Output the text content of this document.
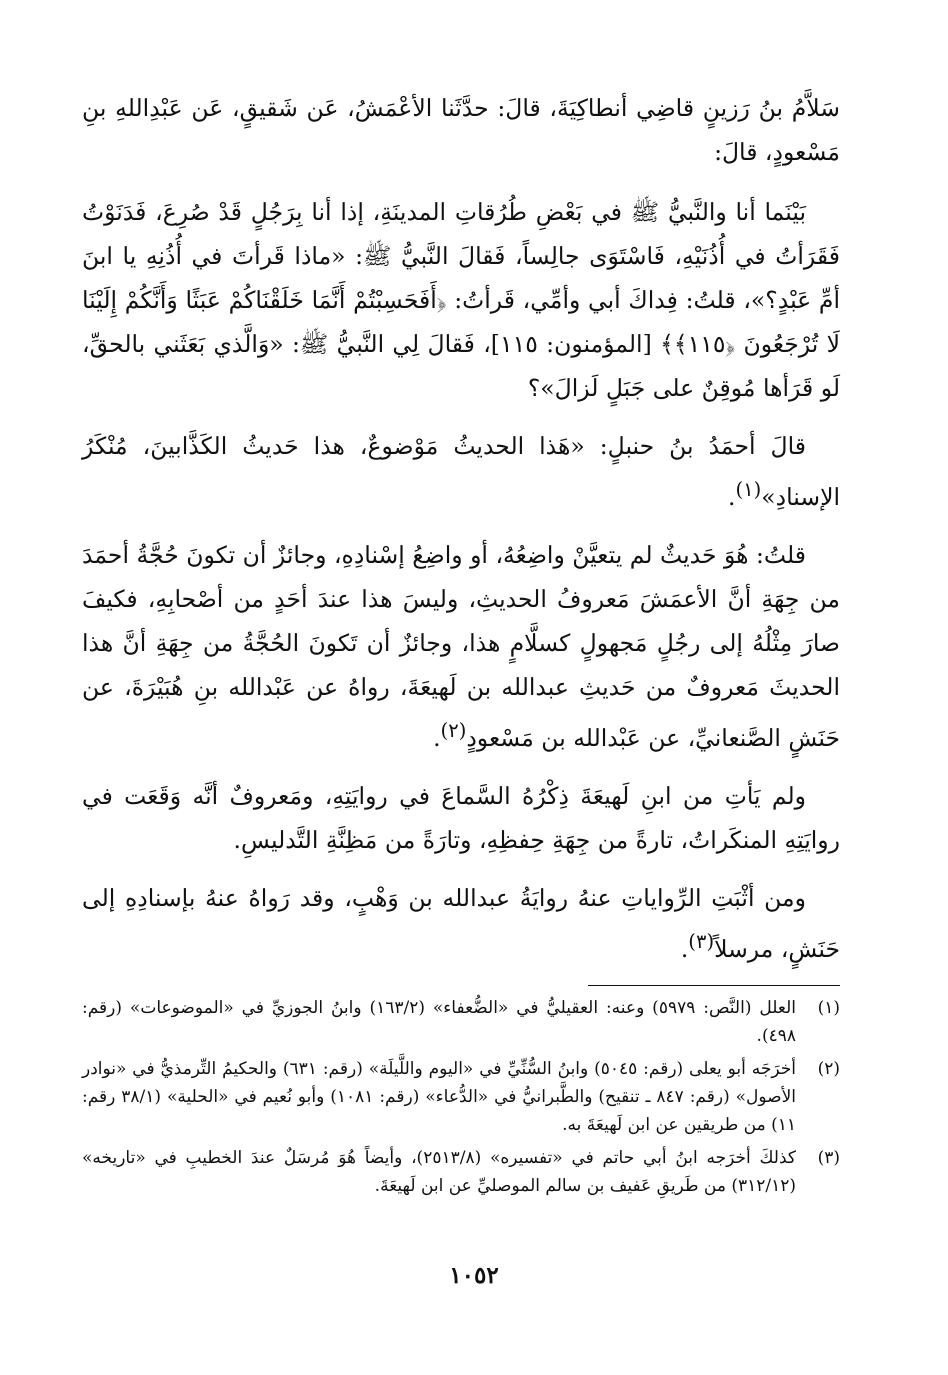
سَلاَّمُ بنُ رَزينٍ قاضِي أنطاكِيَةَ، قالَ: حدَّثَنا الأعْمَشُ، عَن شَقيقٍ، عَن عَبْدِاللهِ بنِ مَسْعودٍ، قالَ:

بَيْنَما أنا والنَّبيُّ ﷺ في بَعْضِ طُرُقاتِ المدينَةِ، إذا أنا بِرَجُلٍ قَدْ صُرِعَ، فَدَنَوْتُ فَقَرَأتُ في أُذُنَيْهِ، فَاسْتَوَى جالِساً، فَقالَ النَّبيُّ ﷺ: «ماذا قَرأتَ في أُذُنِهِ يا ابنَ أمِّ عَبْدٍ؟»، قلتُ: فِداكَ أبي وأمِّي، قَرأتُ: ﴿أَفَحَسِبْتُمْ أَنَّمَا خَلَقْنَاكُمْ عَبَثًا وَأَنَّكُمْ إِلَيْنَا لَا تُرْجَعُونَ ﴿١١٥﴾﴾ [المؤمنون: ١١٥]، فَقالَ لِي النَّبيُّ ﷺ: «وَالَّذي بَعَثَني بالحقِّ، لَو قَرَأها مُوقِنٌ على جَبَلٍ لَزالَ»؟

قالَ أحمَدُ بنُ حنبلٍ: «هَذا الحديثُ مَوْضوعٌ، هذا حَديثُ الكَذَّابينَ، مُنْكَرُ الإسنادِ»$^{(١)}$.

قلتُ: هُوَ حَديثٌ لم يتعيَّنْ واضِعُهُ، أو واضِعُ إسْنادِهِ، وجائزٌ أن تكونَ حُجَّةُ أحمَدَ من جِهَةِ أنَّ الأعمَشَ مَعروفُ الحديثِ، وليسَ هذا عندَ أحَدٍ من أصْحابِهِ، فكيفَ صارَ مِثْلُهُ إلى رجُلٍ مَجهولٍ كسلَّامٍ هذا، وجائزٌ أن تَكونَ الحُجَّةُ من جِهَةِ أنَّ هذا الحديثَ مَعروفٌ من حَديثِ عبدالله بن لَهيعَةَ، رواهُ عن عَبْدالله بنِ هُبَيْرَةَ، عن حَنَشٍ الصَّنعانيِّ، عن عَبْدالله بن مَسْعودٍ$^{(٢)}$.

ولم يَأتِ من ابنِ لَهيعَةَ ذِكْرُهُ السَّماعَ في روايَتِهِ، ومَعروفٌ أنَّه وَقَعَت في روايَتِهِ المنكَراتُ، تارةً من جِهَةِ حِفظِهِ، وتارَةً من مَظِنَّةِ التَّدليسِ.

ومن أثْبَتِ الرِّواياتِ عنهُ روايَةُ عبدالله بن وَهْبٍ، وقد رَواهُ عنهُ بإسنادِهِ إلى حَنَشٍ، مرسلاً$^{(٣)}$.

(١)
العلل (النَّص: ٥٩٧٩) وعنه: العقيليُّ في «الضُّعفاء» (١٦٣/٢) وابنُ الجوزيِّ في «الموضوعات» (رقم: ٤٩٨).
(٢)
أخرَجَه أبو يعلى (رقم: ٥٠٤٥) وابنُ السُّنِّيِّ في «اليوم واللَّيلَة» (رقم: ٦٣١) والحكيمُ التِّرمذيُّ في «نوادر الأصول» (رقم: ٨٤٧ ـ تنقيح) والطَّبرانيُّ في «الدُّعاء» (رقم: ١٠٨١) وأبو نُعيم في «الحلية» (٣٨/١ رقم: ١١) من طريقين عن ابن لَهيعَةَ به.
(٣)
كذلكَ أخرَجه ابنُ أبي حاتم في «تفسيره» (٢٥١٣/٨)، وأيضاً هُوَ مُرسَلٌ عندَ الخطيبِ في «تاريخه» (٣١٢/١٢) من طَريقِ عَفيف بن سالم الموصليِّ عن ابن لَهيعَةَ.
١٠٥٢
